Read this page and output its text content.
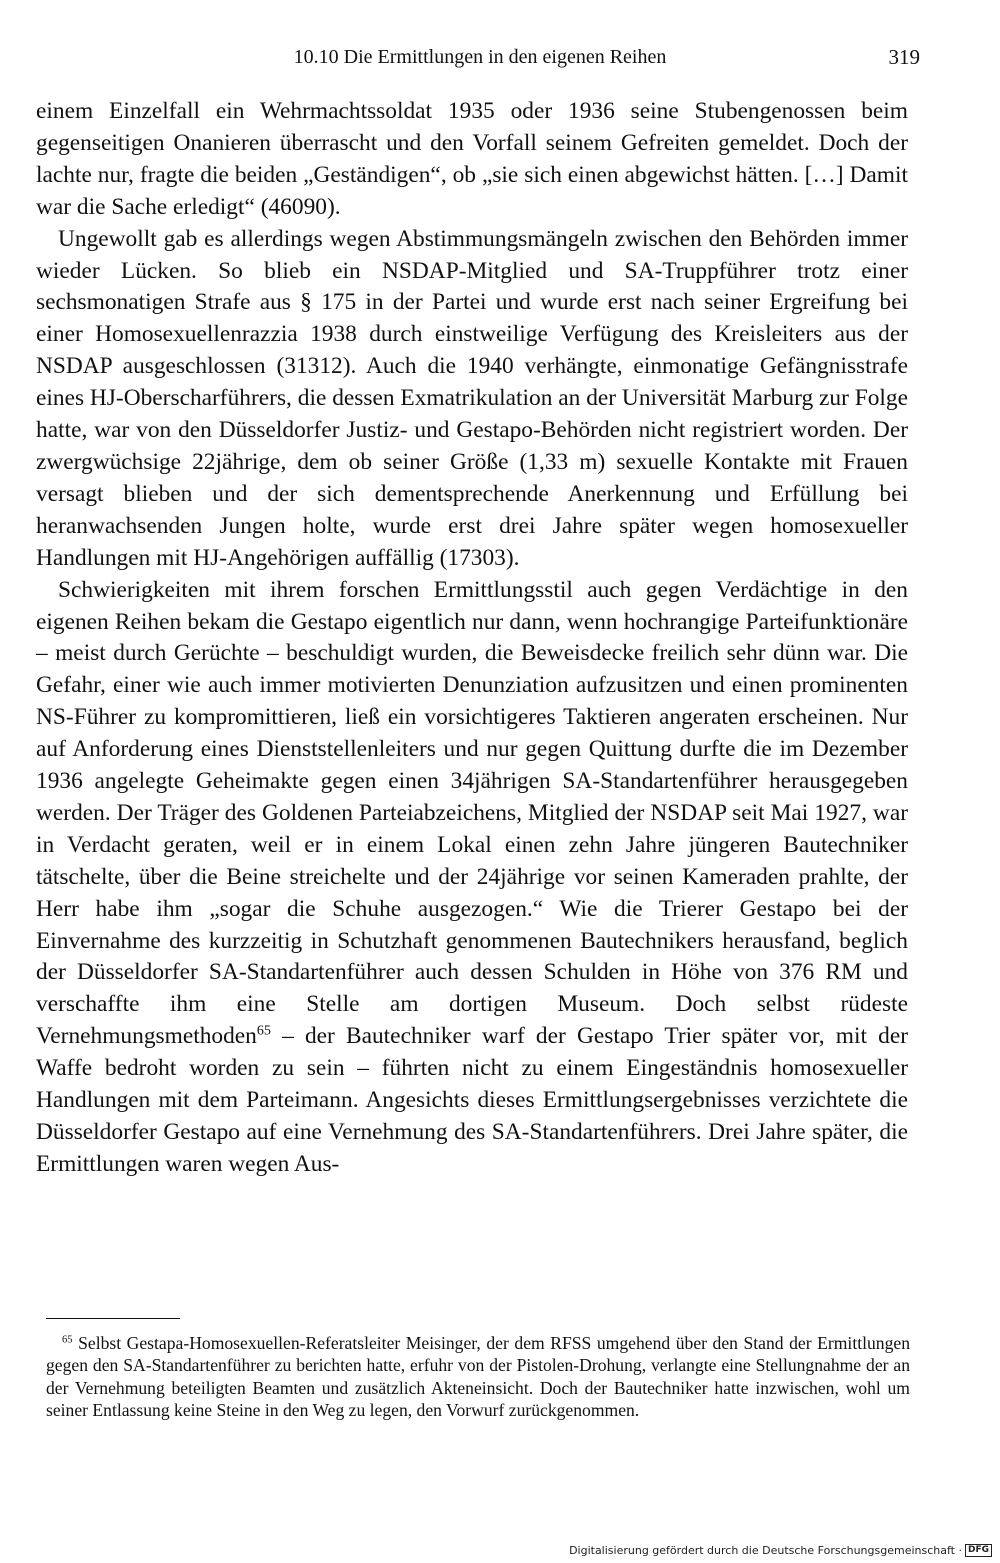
10.10 Die Ermittlungen in den eigenen Reihen	319

einem Einzelfall ein Wehrmachtssoldat 1935 oder 1936 seine Stubengenossen beim gegenseitigen Onanieren überrascht und den Vorfall seinem Gefreiten gemeldet. Doch der lachte nur, fragte die beiden „Geständigen“, ob „sie sich einen abgewichst hätten. […] Damit war die Sache erledigt“ (46090).

Ungewollt gab es allerdings wegen Abstimmungsmängeln zwischen den Behörden immer wieder Lücken. So blieb ein NSDAP-Mitglied und SA-Truppführer trotz einer sechsmonatigen Strafe aus § 175 in der Partei und wurde erst nach seiner Ergreifung bei einer Homosexuellenrazzia 1938 durch einstweilige Verfügung des Kreisleiters aus der NSDAP ausgeschlossen (31312). Auch die 1940 verhängte, einmonatige Gefängnisstrafe eines HJ-Oberscharführers, die dessen Exmatrikulation an der Universität Marburg zur Folge hatte, war von den Düsseldorfer Justiz- und Gestapo-Behörden nicht registriert worden. Der zwergwüchsige 22jährige, dem ob seiner Größe (1,33 m) sexuelle Kontakte mit Frauen versagt blieben und der sich dementsprechende Anerkennung und Erfüllung bei heranwachsenden Jungen holte, wurde erst drei Jahre später wegen homosexueller Handlungen mit HJ-Angehörigen auffällig (17303).

Schwierigkeiten mit ihrem forschen Ermittlungsstil auch gegen Verdächtige in den eigenen Reihen bekam die Gestapo eigentlich nur dann, wenn hochrangige Parteifunktionäre – meist durch Gerüchte – beschuldigt wurden, die Beweisdecke freilich sehr dünn war. Die Gefahr, einer wie auch immer motivierten Denunziation aufzusitzen und einen prominenten NS-Führer zu kompromittieren, ließ ein vorsichtigeres Taktieren angeraten erscheinen. Nur auf Anforderung eines Dienststellenleiters und nur gegen Quittung durfte die im Dezember 1936 angelegte Geheimakte gegen einen 34jährigen SA-Standartenführer herausgegeben werden. Der Träger des Goldenen Parteiabzeichens, Mitglied der NSDAP seit Mai 1927, war in Verdacht geraten, weil er in einem Lokal einen zehn Jahre jüngeren Bautechniker tätschelte, über die Beine streichelte und der 24jährige vor seinen Kameraden prahlte, der Herr habe ihm „sogar die Schuhe ausgezogen.“ Wie die Trierer Gestapo bei der Einvernahme des kurzzeitig in Schutzhaft genommenen Bautechnikers herausfand, beglich der Düsseldorfer SA-Standartenführer auch dessen Schulden in Höhe von 376 RM und verschaffte ihm eine Stelle am dortigen Museum. Doch selbst rüdeste Vernehmungsmethoden$^{65}$ – der Bautechniker warf der Gestapo Trier später vor, mit der Waffe bedroht worden zu sein – führten nicht zu einem Eingeständnis homosexueller Handlungen mit dem Parteimann. Angesichts dieses Ermittlungsergebnisses verzichtete die Düsseldorfer Gestapo auf eine Vernehmung des SA-Standartenführers. Drei Jahre später, die Ermittlungen waren wegen Aus-

$^{65}$ Selbst Gestapa-Homosexuellen-Referatsleiter Meisinger, der dem RFSS umgehend über den Stand der Ermittlungen gegen den SA-Standartenführer zu berichten hatte, erfuhr von der Pistolen-Drohung, verlangte eine Stellungnahme der an der Vernehmung beteiligten Beamten und zusätzlich Akteneinsicht. Doch der Bautechniker hatte inzwischen, wohl um seiner Entlassung keine Steine in den Weg zu legen, den Vorwurf zurückgenommen.

Digitalisierung gefördert durch die Deutsche Forschungsgemeinschaft · DFG
